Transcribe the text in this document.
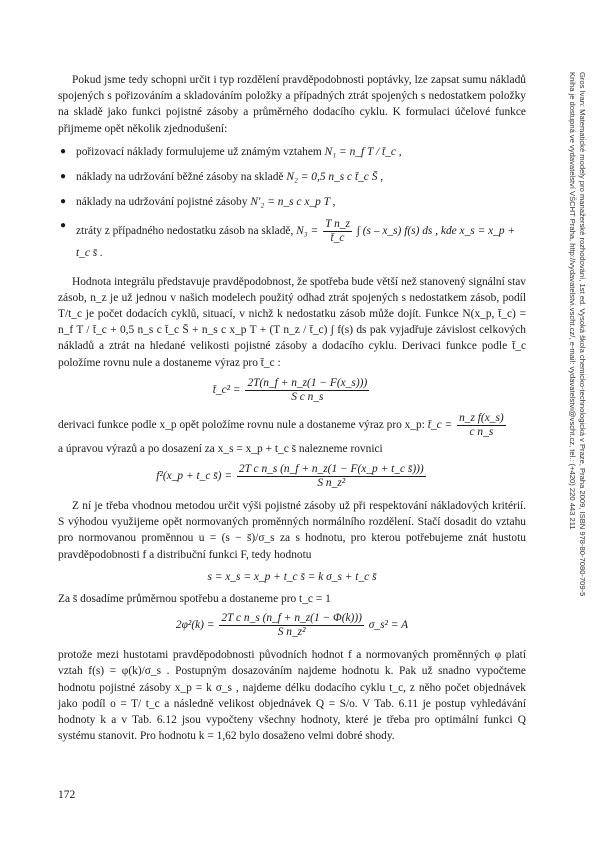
Pokud jsme tedy schopni určit i typ rozdělení pravděpodobnosti poptávky, lze zapsat sumu nákladů spojených s pořizováním a skladováním položky a případných ztrát spojených s nedostatkem položky na skladě jako funkci pojistné zásoby a průměrného dodacího cyklu. K formulaci účelové funkce přijmeme opět několik zjednodušení:

● pořizovací náklady formulujeme už známým vztahem N₁ = n_f T / t̄_c ,
● náklady na udržování běžné zásoby na skladě N₂ = 0,5 n_s c t̄_c S̄ ,
● náklady na udržování pojistné zásoby N′₂ = n_s c x_p T ,
● ztráty z případného nedostatku zásob na skladě, $N_3 = \frac{\text{T n\_z}}{t̄\_c}$ ∫ (s – x_s) f(s) ds , kde x_s = x_p + t_c s̄ .

Hodnota integrálu představuje pravděpodobnost, že spotřeba bude větší než stanovený signální stav zásob, n_z je už jednou v našich modelech použitý odhad ztrát spojených s nedostatkem zásob, podíl T/t_c je počet dodacích cyklů, situací, v nichž k nedostatku zásob může dojít. Funkce N(x_p, t̄_c) = n_f T / t̄_c + 0,5 n_s c t̄_c S̄ + n_s c x_p T + (T n_z / t̄_c) ∫ f(s) ds pak vyjadřuje závislost celkových nákladů a ztrát na hledané velikosti pojistné zásoby a dodacího cyklu. Derivaci funkce podle t̄_c položíme rovnu nule a dostaneme výraz pro t̄_c :

t̄_c² = $\frac{2T(n\_f + n\_z(1 - F(x\_s)))}{\text{S c n\_s}}$

derivaci funkce podle x_p opět položíme rovnu nule a dostaneme výraz pro x_p: t̄_c = $\frac{\text{n\_z f(x\_s)}}{\text{c n\_s}}$

a úpravou výrazů a po dosazení za x_s = x_p + t_c s̄ nalezneme rovnici

f²(x_p + t_c s̄) = $\frac{\text{2T c n\_s (n\_f + n\_z(1 − F(x\_p + t\_c s̄)))}}{\text{S n\_z²}}$

Z ní je třeba vhodnou metodou určit výši pojistné zásoby už při respektování nákladových kritérií. S výhodou využijeme opět normovaných proměnných normálního rozdělení. Stačí dosadit do vztahu pro normovanou proměnnou u = (s − s̄)/σ_s za s hodnotu, pro kterou potřebujeme znát hustotu pravděpodobnosti f a distribuční funkci F, tedy hodnotu

s = x_s = x_p + t_c s̄ = k σ_s + t_c s̄

Za s̄ dosadíme průměrnou spotřebu a dostaneme pro t_c = 1

$2\varphi^2(k) = \frac{\text{2T c n\_s (n\_f + n\_z(1 − Φ(k)))}}{\text{S n\_z²}}$ σ_s² = A

protože mezi hustotami pravděpodobnosti původních hodnot f a normovaných proměnných φ platí vztah f(s) = φ(k)/σ_s . Postupným dosazováním najdeme hodnotu k. Pak už snadno vypočteme hodnotu pojistné zásoby x_p = k σ_s , najdeme délku dodacího cyklu t_c, z něho počet objednávek jako podíl o = T/ t_c a následně velikost objednávek Q = S/o. V Tab. 6.11 je postup vyhledávání hodnoty k a v Tab. 6.12 jsou vypočteny všechny hodnoty, které je třeba pro optimální funkci Q systému stanovit. Pro hodnotu k = 1,62 bylo dosaženo velmi dobré shody.

Gros Ivan: Matematické modely pro manažerské rozhodování, 1st ed. Vysoká škola chemicko-technologická v Praze, Praha 2009, ISBN 978-80-7080-709-5
Kniha je dostupná ve vydavatelství VŠCHT Praha, http://vydavatelstvi.vscht.cz/, e-mail: vydavatelstvi@vscht.cz, tel.: (+420) 220 443 211
172
